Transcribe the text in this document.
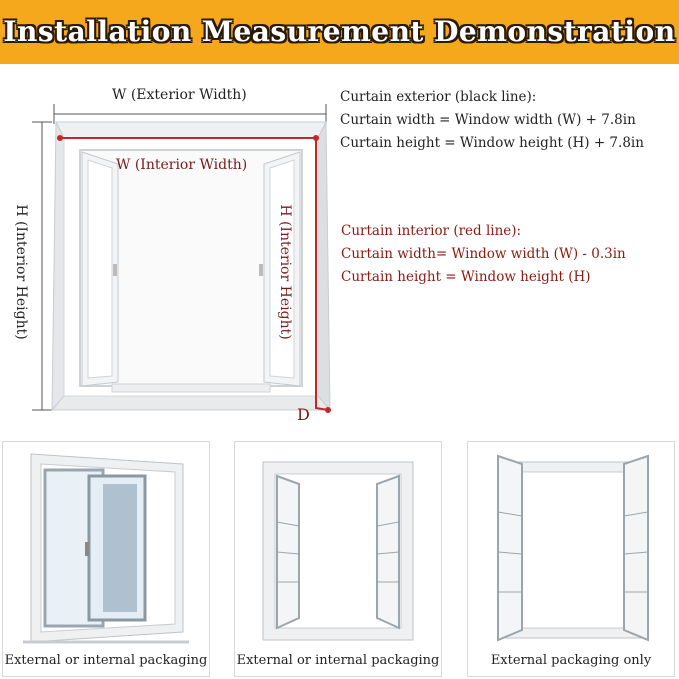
Installation Measurement Demonstration
W (Exterior Width)
W (Interior Width)
H (Interior Height)	H (Interior Height)
D
Curtain exterior (black line):
Curtain width = Window width (W) + 7.8in
Curtain height = Window height (H) + 7.8in
Curtain interior (red line):
Curtain width= Window width (W) - 0.3in
Curtain height = Window height (H)
External or internal packaging External or internal packaging	External packaging only
